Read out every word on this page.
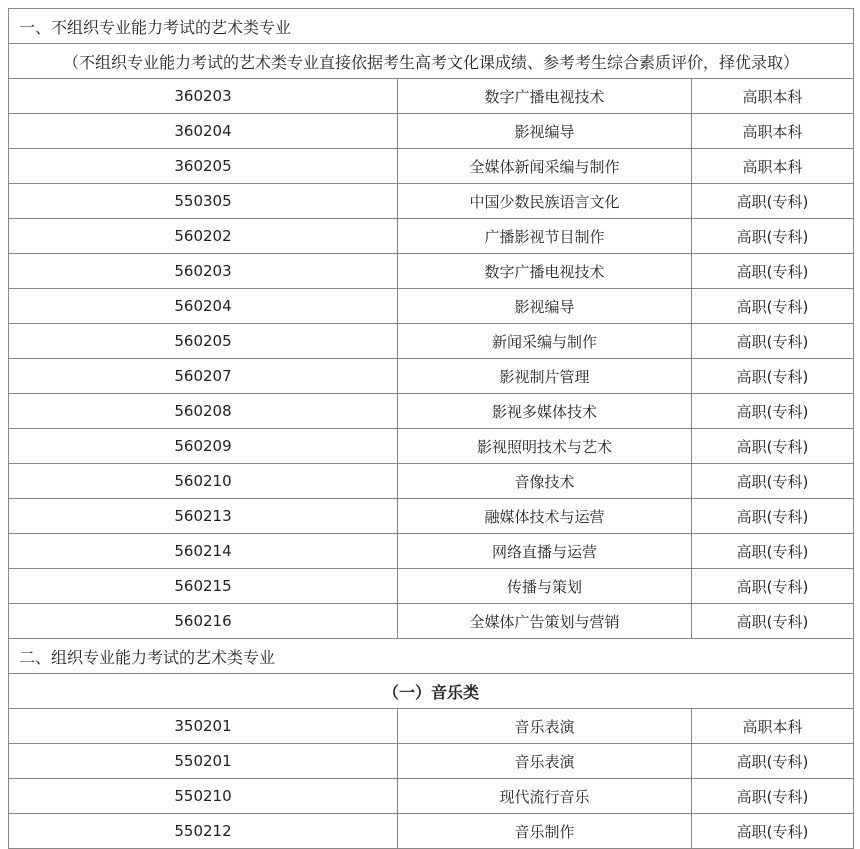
一、不组织专业能力考试的艺术类专业		
（不组织专业能力考试的艺术类专业直接依据考生高考文化课成绩、参考考生综合素质评价，择优录取）		
360203	数字广播电视技术	高职本科
360204	影视编导	高职本科
360205	全媒体新闻采编与制作	高职本科
550305	中国少数民族语言文化	高职(专科)
560202	广播影视节目制作	高职(专科)
560203	数字广播电视技术	高职(专科)
560204	影视编导	高职(专科)
560205	新闻采编与制作	高职(专科)
560207	影视制片管理	高职(专科)
560208	影视多媒体技术	高职(专科)
560209	影视照明技术与艺术	高职(专科)
560210	音像技术	高职(专科)
560213	融媒体技术与运营	高职(专科)
560214	网络直播与运营	高职(专科)
560215	传播与策划	高职(专科)
560216	全媒体广告策划与营销	高职(专科)
二、组织专业能力考试的艺术类专业		
（一）音乐类		
350201	音乐表演	高职本科
550201	音乐表演	高职(专科)
550210	现代流行音乐	高职(专科)
550212	音乐制作	高职(专科)
